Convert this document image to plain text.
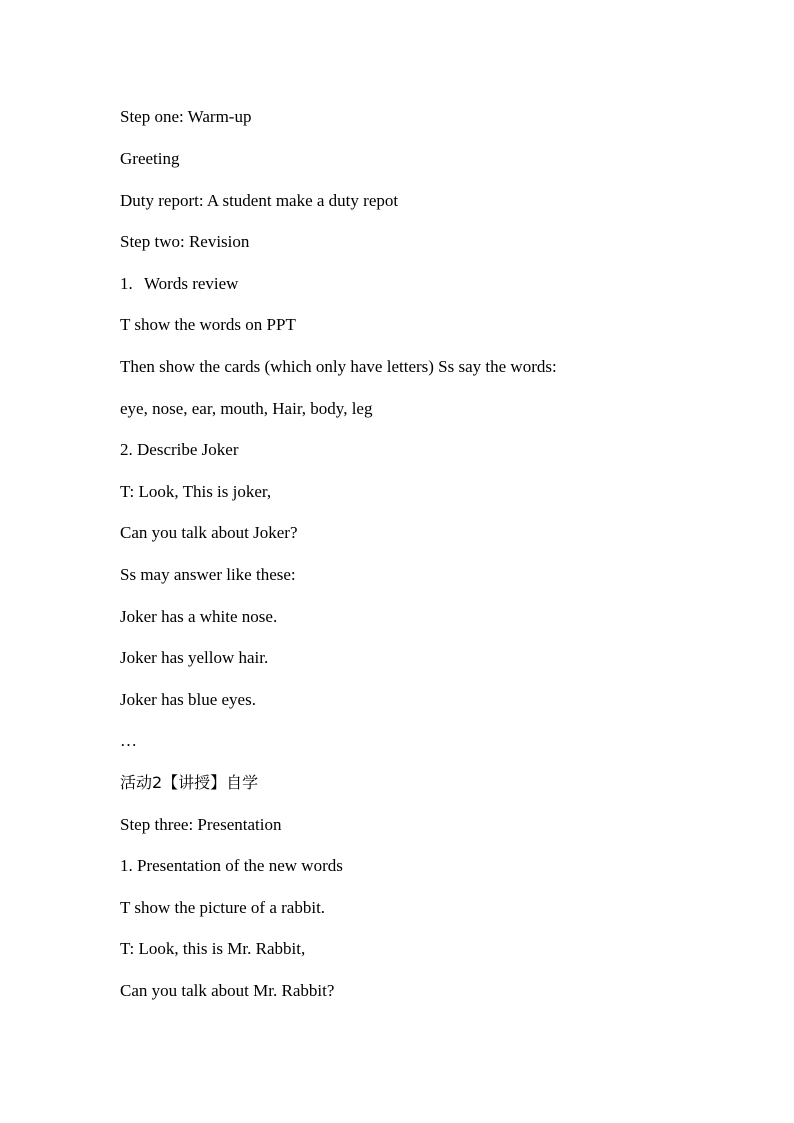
Step one: Warm-up
Greeting
Duty report: A student make a duty repot
Step two: Revision
1. Words review
T show the words on PPT
Then show the cards (which only have letters) Ss say the words:
eye, nose, ear, mouth, Hair, body, leg
2. Describe Joker
T: Look, This is joker,
Can you talk about Joker?
Ss may answer like these:
Joker has a white nose.
Joker has yellow hair.
Joker has blue eyes.
…
活动2【讲授】自学
Step three: Presentation
1. Presentation of the new words
T show the picture of a rabbit.
T: Look, this is Mr. Rabbit,
Can you talk about Mr. Rabbit?
